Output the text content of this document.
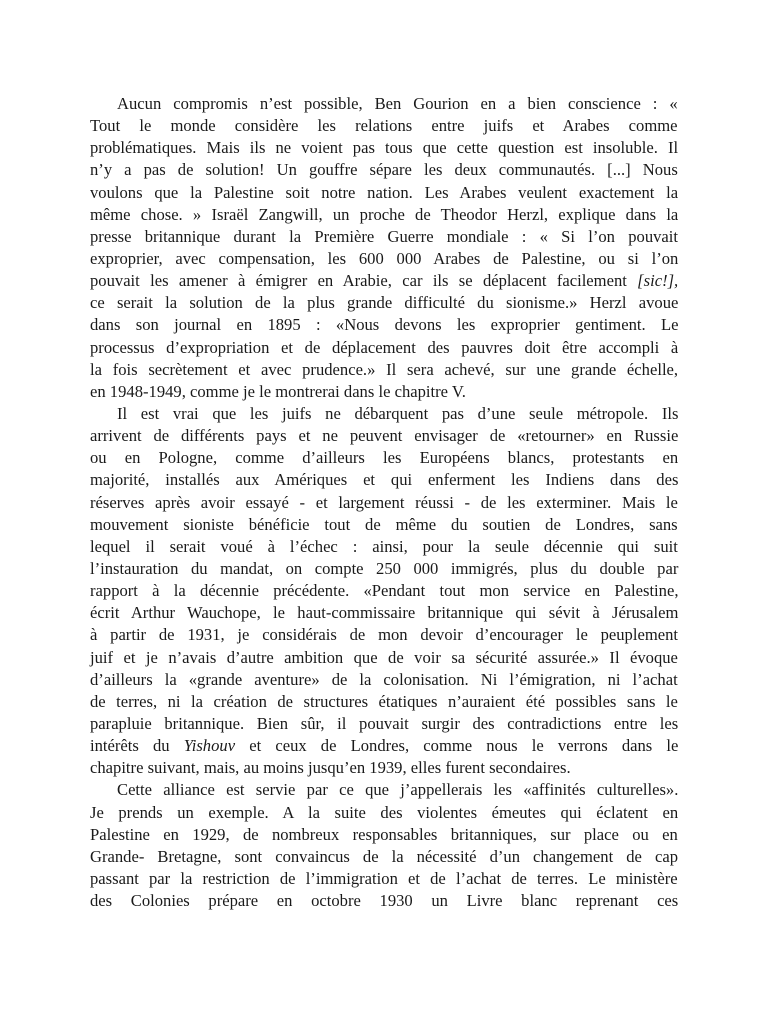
Aucun compromis n’est possible, Ben Gourion en a bien conscience : «
Tout le monde considère les relations entre juifs et Arabes comme
problématiques. Mais ils ne voient pas tous que cette question est insoluble. Il
n’y a pas de solution! Un gouffre sépare les deux communautés. [...] Nous
voulons que la Palestine soit notre nation. Les Arabes veulent exactement la
même chose. » Israël Zangwill, un proche de Theodor Herzl, explique dans la
presse britannique durant la Première Guerre mondiale : « Si l’on pouvait
exproprier, avec compensation, les 600 000 Arabes de Palestine, ou si l’on
pouvait les amener à émigrer en Arabie, car ils se déplacent facilement [sic!],
ce serait la solution de la plus grande difficulté du sionisme.» Herzl avoue
dans son journal en 1895 : «Nous devons les exproprier gentiment. Le
processus d’expropriation et de déplacement des pauvres doit être accompli à
la fois secrètement et avec prudence.» Il sera achevé, sur une grande échelle,
en 1948-1949, comme je le montrerai dans le chapitre V.
Il est vrai que les juifs ne débarquent pas d’une seule métropole. Ils
arrivent de différents pays et ne peuvent envisager de «retourner» en Russie
ou en Pologne, comme d’ailleurs les Européens blancs, protestants en
majorité, installés aux Amériques et qui enferment les Indiens dans des
réserves après avoir essayé - et largement réussi - de les exterminer. Mais le
mouvement sioniste bénéficie tout de même du soutien de Londres, sans
lequel il serait voué à l’échec : ainsi, pour la seule décennie qui suit
l’instauration du mandat, on compte 250 000 immigrés, plus du double par
rapport à la décennie précédente. «Pendant tout mon service en Palestine,
écrit Arthur Wauchope, le haut-commissaire britannique qui sévit à Jérusalem
à partir de 1931, je considérais de mon devoir d’encourager le peuplement
juif et je n’avais d’autre ambition que de voir sa sécurité assurée.» Il évoque
d’ailleurs la «grande aventure» de la colonisation. Ni l’émigration, ni l’achat
de terres, ni la création de structures étatiques n’auraient été possibles sans le
parapluie britannique. Bien sûr, il pouvait surgir des contradictions entre les
intérêts du Yishouv et ceux de Londres, comme nous le verrons dans le
chapitre suivant, mais, au moins jusqu’en 1939, elles furent secondaires.
Cette alliance est servie par ce que j’appellerais les «affinités culturelles».
Je prends un exemple. A la suite des violentes émeutes qui éclatent en
Palestine en 1929, de nombreux responsables britanniques, sur place ou en
Grande- Bretagne, sont convaincus de la nécessité d’un changement de cap
passant par la restriction de l’immigration et de l’achat de terres. Le ministère
des Colonies prépare en octobre 1930 un Livre blanc reprenant ces
